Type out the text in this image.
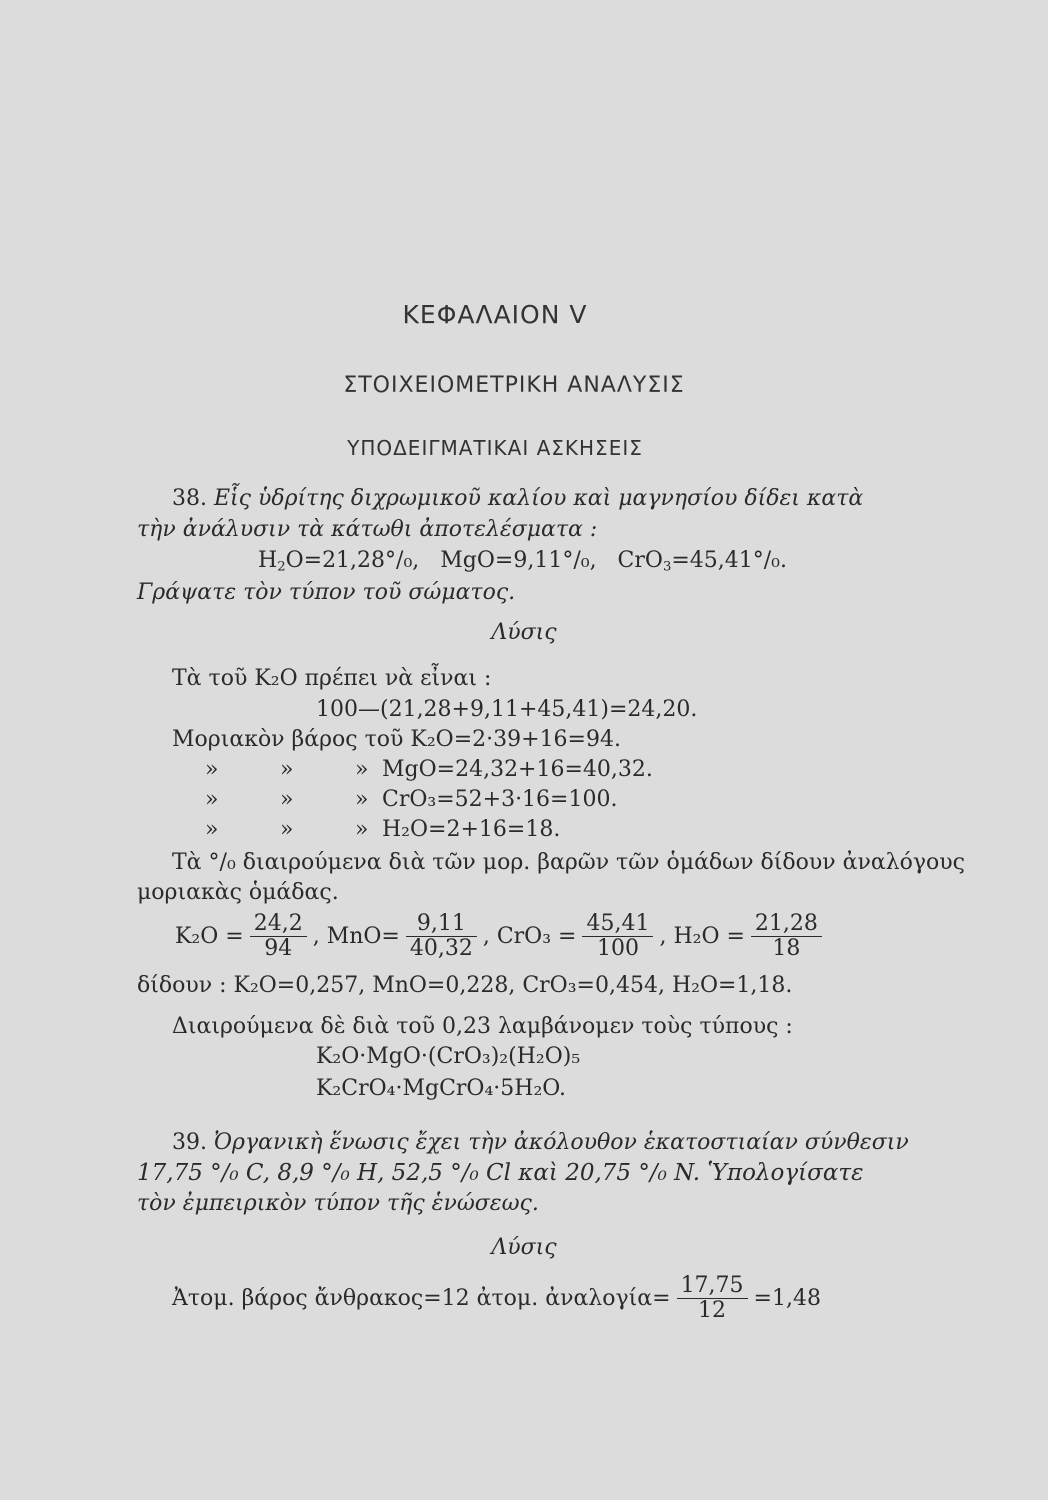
ΚΕΦΑΛΑΙΟΝ V
ΣΤΟΙΧΕΙΟΜΕΤΡΙΚΗ ΑΝΑΛΥΣΙΣ
ΥΠΟΔΕΙΓΜΑΤΙΚΑΙ ΑΣΚΗΣΕΙΣ
38. Εἷς ὑδρίτης διχρωμικοῦ καλίου καὶ μαγνησίου δίδει κατὰ
τὴν ἀνάλυσιν τὰ κάτωθι ἀποτελέσματα :
$H_2O=21,28^\circ/_0$,   MgO=9,11°/₀,   CrO$_3$=45,41°/₀.
Γράψατε τὸν τύπον τοῦ σώματος.
Λύσις
Τὰ τοῦ K₂O πρέπει νὰ εἶναι :
100—(21,28+9,11+45,41)=24,20.
Μοριακὸν βάρος τοῦ K₂O=2·39+16=94.
»	»	» MgO=24,32+16=40,32.
»	»	» CrO₃=52+3·16=100.
»	»	» H₂O=2+16=18.
Τὰ °/₀ διαιρούμενα διὰ τῶν μορ. βαρῶν τῶν ὁμάδων δίδουν ἀναλόγους
μοριακὰς ὁμάδας.
$K_2O = \frac{24,2}{94}$ , $MnO= \frac{9,11}{40,32}$ , $CrO_3 = \frac{45,41}{100}$ , $H_2O = \frac{21,28}{18}$
δίδουν : K₂O=0,257, MnO=0,228, CrO₃=0,454, H₂O=1,18.
Διαιρούμενα δὲ διὰ τοῦ 0,23 λαμβάνομεν τοὺς τύπους :
K₂O·MgO·(CrO₃)₂(H₂O)₅
K₂CrO₄·MgCrO₄·5H₂O.
39. Ὀργανικὴ ἕνωσις ἔχει τὴν ἀκόλουθον ἑκατοστιαίαν σύνθεσιν
17,75 °/₀ C, 8,9 °/₀ H, 52,5 °/₀ Cl καὶ 20,75 °/₀ N. Ὑπολογίσατε
τὸν ἐμπειρικὸν τύπον τῆς ἑνώσεως.
Λύσις
Ἀτομ. βάρος ἄνθρακος=12 ἀτομ. ἀναλογία= $\frac{17,75}{12} =1,48$
